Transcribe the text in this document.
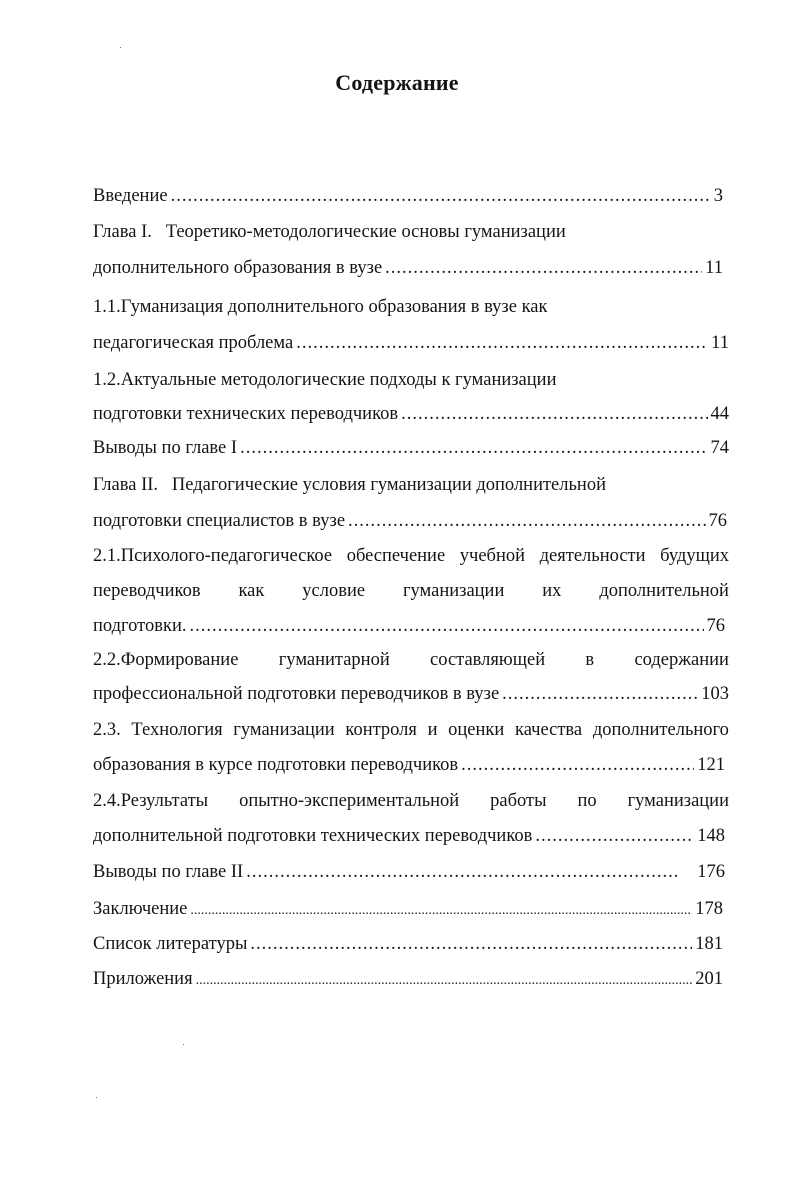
Содержание
Введение .....	3
Глава I.   Теоретико-методологические основы гуманизации
дополнительного образования в вузе .....	11
1.1.Гуманизация дополнительного образования в вузе как
педагогическая проблема .....	11
1.2.Актуальные методологические подходы к гуманизации
подготовки технических переводчиков .....	44
Выводы по главе I .....	74
Глава II.   Педагогические условия гуманизации дополнительной
подготовки специалистов в вузе .....	76
2.1.Психолого-педагогическое обеспечение учебной деятельности будущих
переводчиков как условие гуманизации их дополнительной
подготовки. .....	76
2.2.Формирование гуманитарной составляющей в содержании
профессиональной подготовки переводчиков в вузе .....	103
2.3. Технология гуманизации контроля и оценки качества дополнительного
образования в курсе подготовки переводчиков .....	121
2.4.Результаты опытно-экспериментальной работы по гуманизации
дополнительной подготовки технических переводчиков .....	148
Выводы по главе II .....	176
Заключение .....	178
Список литературы .....	181
Приложения .....	201
